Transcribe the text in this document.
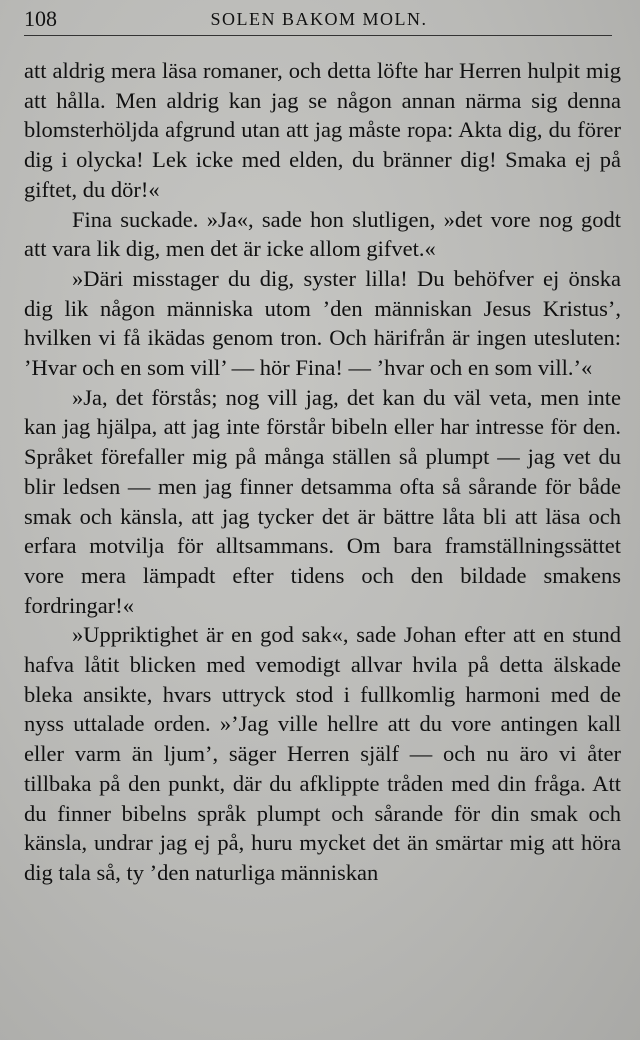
108	SOLEN BAKOM MOLN.

att aldrig mera läsa romaner, och detta löfte har Herren hulpit mig att hålla. Men aldrig kan jag se någon annan närma sig denna blomsterhöljda afgrund utan att jag måste ropa: Akta dig, du förer dig i olycka! Lek icke med elden, du bränner dig! Smaka ej på giftet, du dör!«

Fina suckade. »Ja«, sade hon slutligen, »det vore nog godt att vara lik dig, men det är icke allom gifvet.«

»Däri misstager du dig, syster lilla! Du behöfver ej önska dig lik någon människa utom ’den människan Jesus Kristus’, hvilken vi få ikädas genom tron. Och härifrån är ingen utesluten: ’Hvar och en som vill’ — hör Fina! — ’hvar och en som vill.’«

»Ja, det förstås; nog vill jag, det kan du väl veta, men inte kan jag hjälpa, att jag inte förstår bibeln eller har intresse för den. Språket förefaller mig på många ställen så plumpt — jag vet du blir ledsen — men jag finner detsamma ofta så sårande för både smak och känsla, att jag tycker det är bättre låta bli att läsa och erfara motvilja för alltsammans. Om bara framställningssättet vore mera lämpadt efter tidens och den bildade smakens fordringar!«

»Uppriktighet är en god sak«, sade Johan efter att en stund hafva låtit blicken med vemodigt allvar hvila på detta älskade bleka ansikte, hvars uttryck stod i fullkomlig harmoni med de nyss uttalade orden. »’Jag ville hellre att du vore antingen kall eller varm än ljum’, säger Herren själf — och nu äro vi åter tillbaka på den punkt, där du afklippte tråden med din fråga. Att du finner bibelns språk plumpt och sårande för din smak och känsla, undrar jag ej på, huru mycket det än smärtar mig att höra dig tala så, ty ’den naturliga människan
